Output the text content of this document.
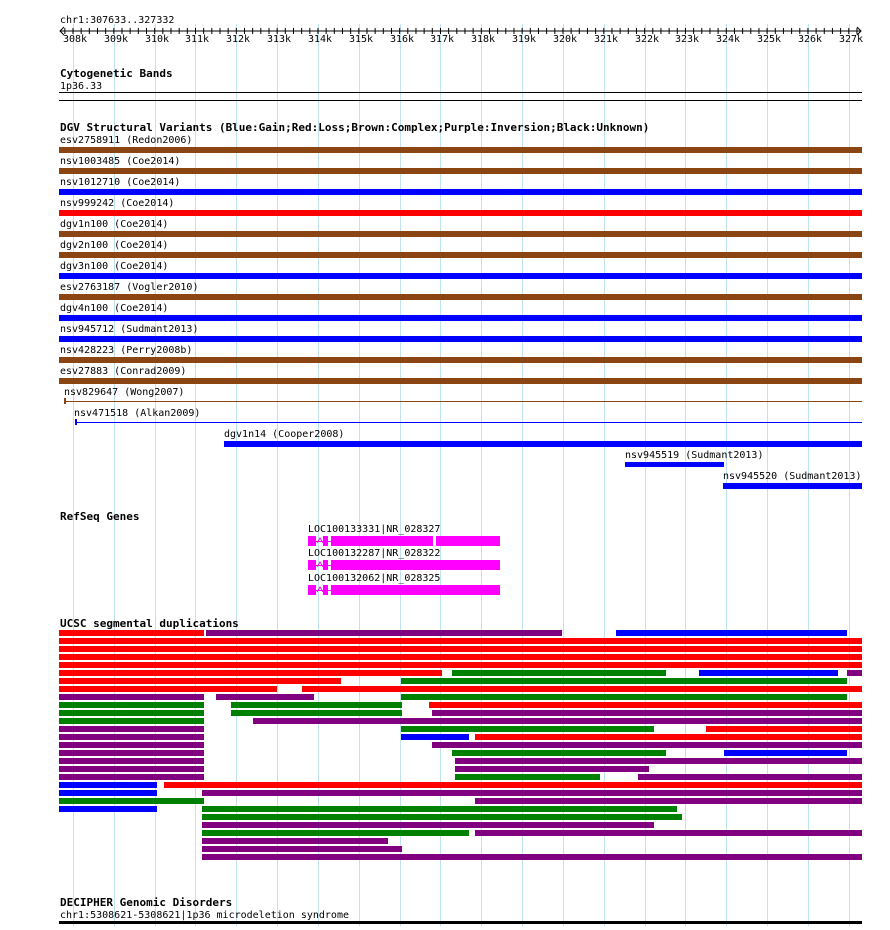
chr1:307633..327332
308k 309k 310k 311k 312k 313k 314k 315k 316k 317k 318k 319k 320k 321k 322k 323k 324k 325k 326k 327k
Cytogenetic Bands
1p36.33
DGV Structural Variants (Blue:Gain;Red:Loss;Brown:Complex;Purple:Inversion;Black:Unknown)
esv2758911 (Redon2006)
nsv1003485 (Coe2014)
nsv1012710 (Coe2014)
nsv999242 (Coe2014)
dgv1n100 (Coe2014)
dgv2n100 (Coe2014)
dgv3n100 (Coe2014)
esv2763187 (Vogler2010)
dgv4n100 (Coe2014)
nsv945712 (Sudmant2013)
nsv428223 (Perry2008b)
esv27883 (Conrad2009)
nsv829647 (Wong2007)
nsv471518 (Alkan2009)
dgv1n14 (Cooper2008)
nsv945519 (Sudmant2013)
nsv945520 (Sudmant2013)
RefSeq Genes
LOC100133331|NR_028327
LOC100132287|NR_028322
LOC100132062|NR_028325
UCSC segmental duplications
DECIPHER Genomic Disorders
chr1:5308621-5308621|1p36 microdeletion syndrome
